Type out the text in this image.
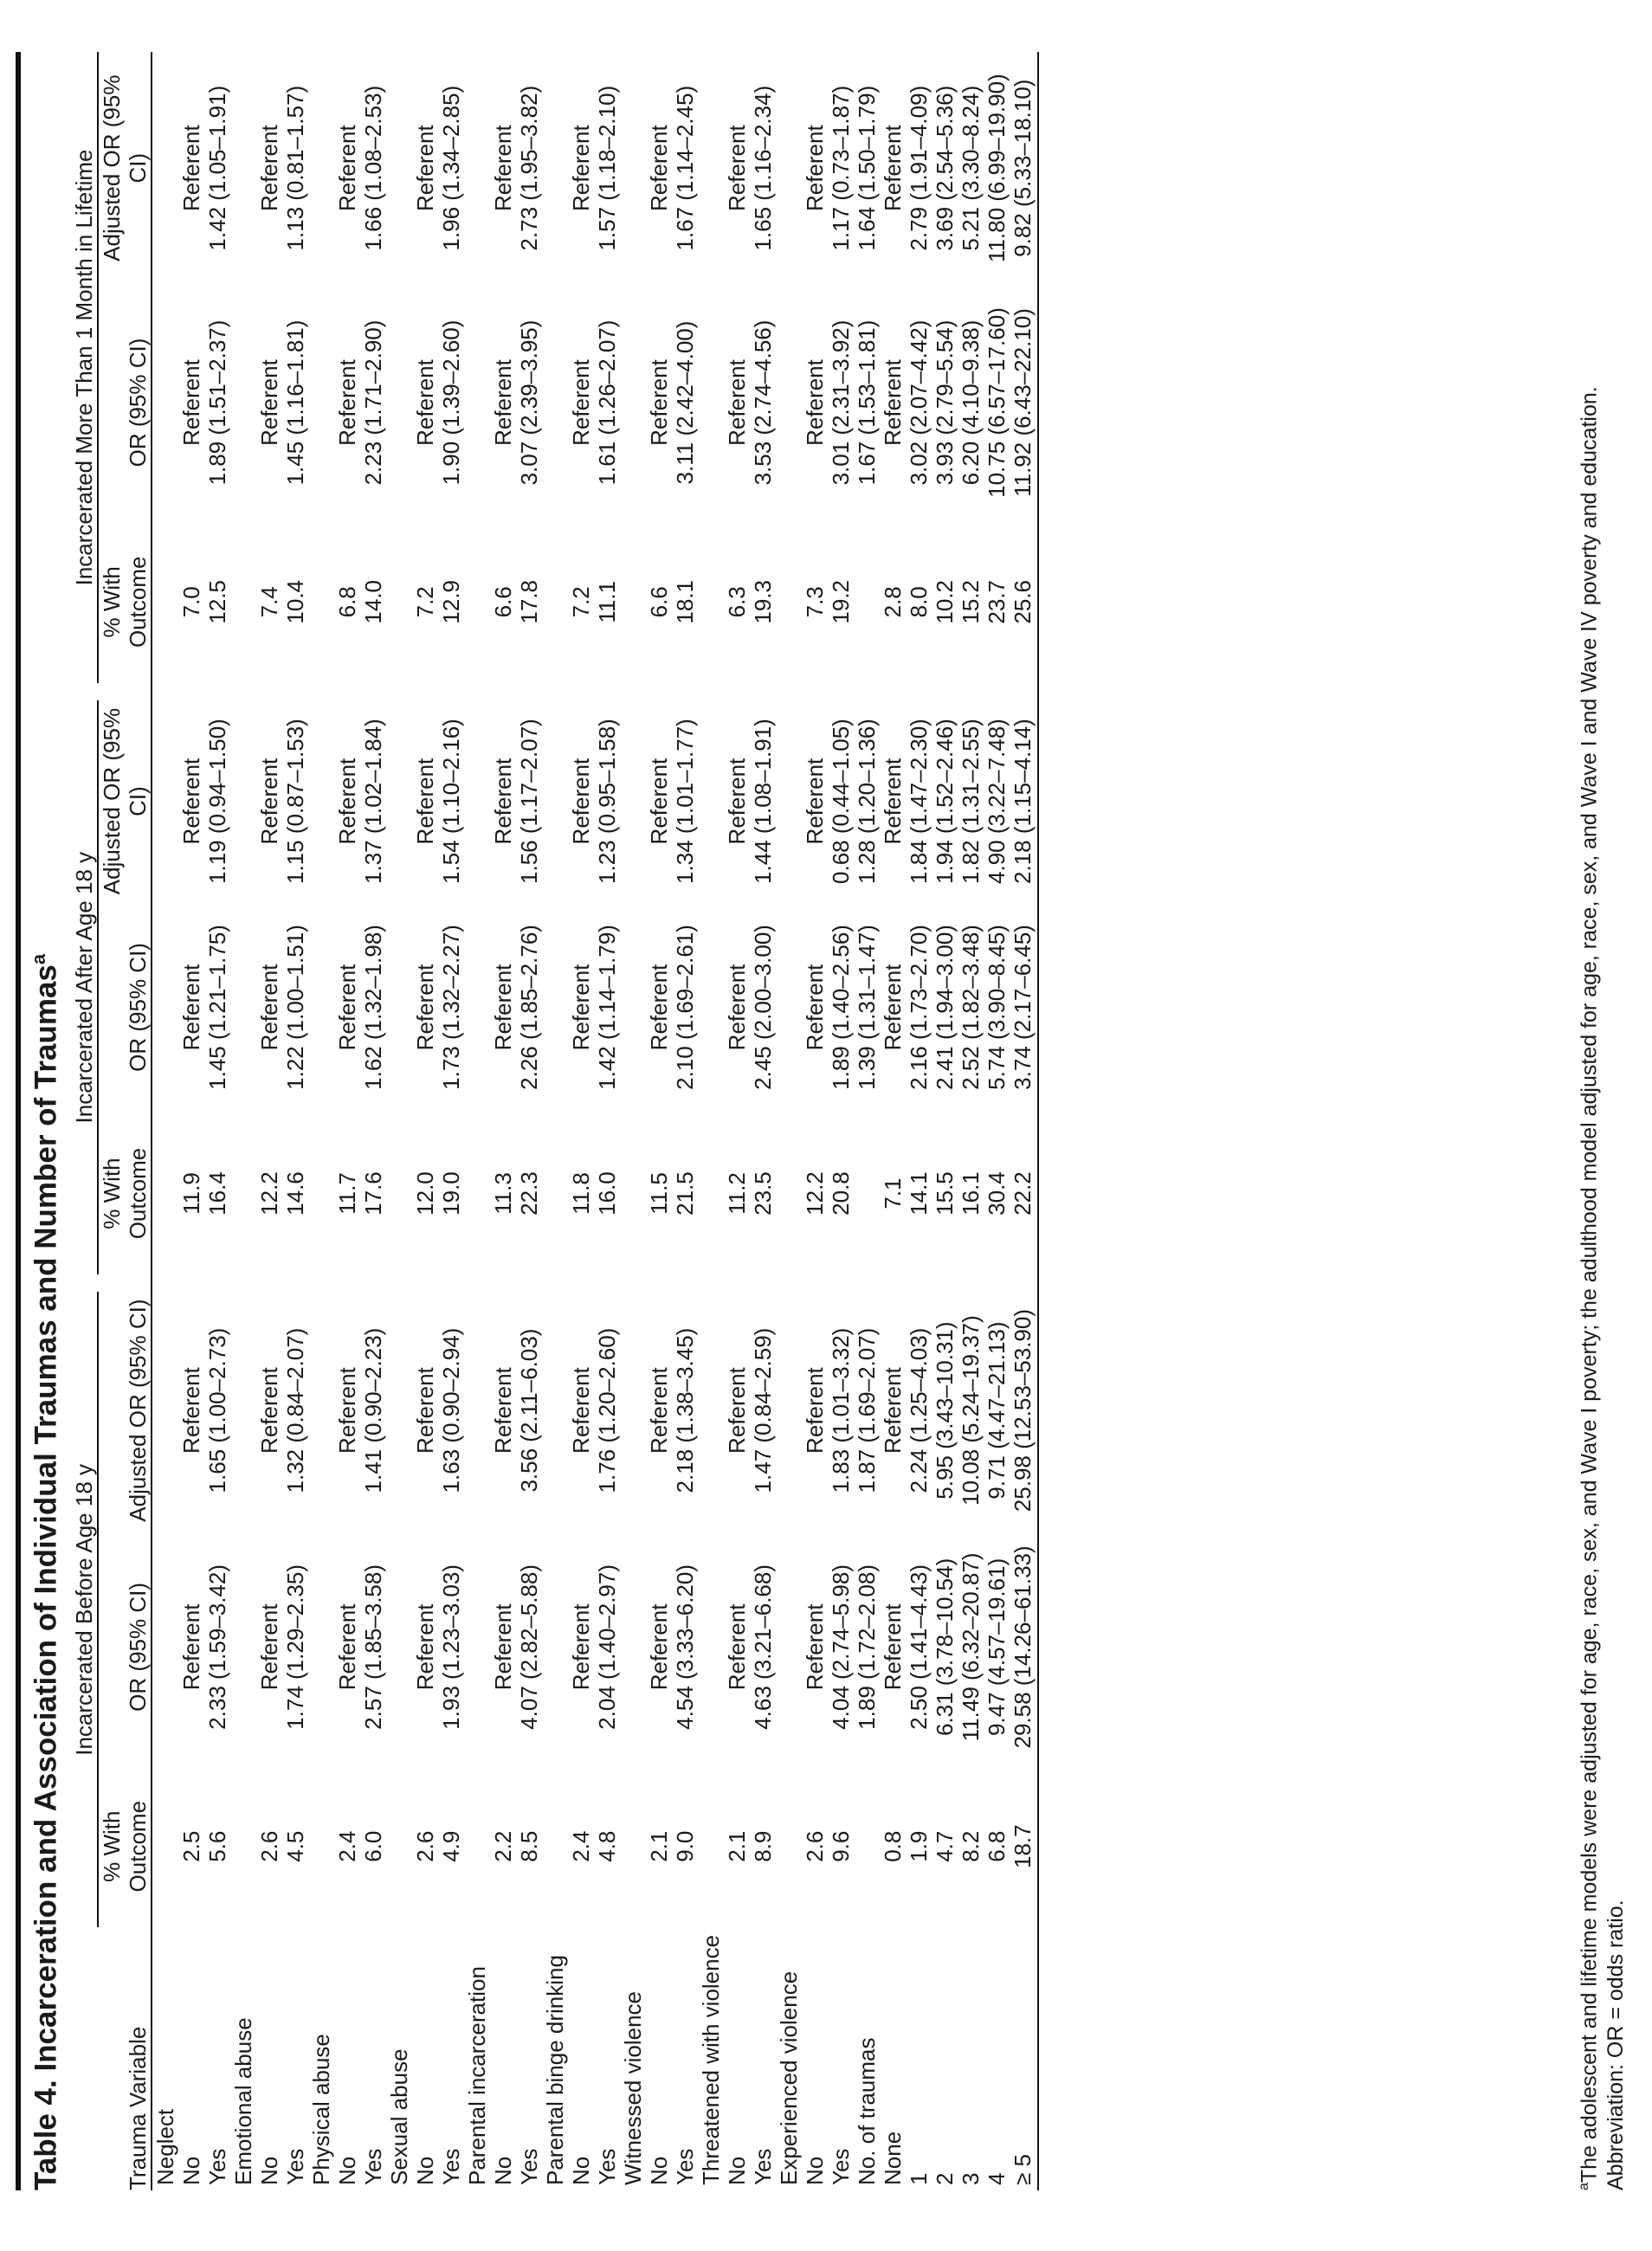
Table 4. Incarceration and Association of Individual Traumas and Number of Traumas$^a$
	Incarcerated Before Age 18 y				Incarcerated After Age 18 y				Incarcerated More Than 1 Month in Lifetime		
Trauma Variable	% With Outcome	OR (95% CI)	Adjusted OR (95% CI)		% With Outcome	OR (95% CI)	Adjusted OR (95% CI)		% With Outcome	OR (95% CI)	Adjusted OR (95% CI)
Neglect											
No	2.5	Referent	Referent		11.9	Referent	Referent		7.0	Referent	Referent
Yes	5.6	2.33 (1.59–3.42)	1.65 (1.00–2.73)		16.4	1.45 (1.21–1.75)	1.19 (0.94–1.50)		12.5	1.89 (1.51–2.37)	1.42 (1.05–1.91)
Emotional abuse											
No	2.6	Referent	Referent		12.2	Referent	Referent		7.4	Referent	Referent
Yes	4.5	1.74 (1.29–2.35)	1.32 (0.84–2.07)		14.6	1.22 (1.00–1.51)	1.15 (0.87–1.53)		10.4	1.45 (1.16–1.81)	1.13 (0.81–1.57)
Physical abuse											
No	2.4	Referent	Referent		11.7	Referent	Referent		6.8	Referent	Referent
Yes	6.0	2.57 (1.85–3.58)	1.41 (0.90–2.23)		17.6	1.62 (1.32–1.98)	1.37 (1.02–1.84)		14.0	2.23 (1.71–2.90)	1.66 (1.08–2.53)
Sexual abuse											
No	2.6	Referent	Referent		12.0	Referent	Referent		7.2	Referent	Referent
Yes	4.9	1.93 (1.23–3.03)	1.63 (0.90–2.94)		19.0	1.73 (1.32–2.27)	1.54 (1.10–2.16)		12.9	1.90 (1.39–2.60)	1.96 (1.34–2.85)
Parental incarceration											
No	2.2	Referent	Referent		11.3	Referent	Referent		6.6	Referent	Referent
Yes	8.5	4.07 (2.82–5.88)	3.56 (2.11–6.03)		22.3	2.26 (1.85–2.76)	1.56 (1.17–2.07)		17.8	3.07 (2.39–3.95)	2.73 (1.95–3.82)
Parental binge drinking											
No	2.4	Referent	Referent		11.8	Referent	Referent		7.2	Referent	Referent
Yes	4.8	2.04 (1.40–2.97)	1.76 (1.20–2.60)		16.0	1.42 (1.14–1.79)	1.23 (0.95–1.58)		11.1	1.61 (1.26–2.07)	1.57 (1.18–2.10)
Witnessed violence											
No	2.1	Referent	Referent		11.5	Referent	Referent		6.6	Referent	Referent
Yes	9.0	4.54 (3.33–6.20)	2.18 (1.38–3.45)		21.5	2.10 (1.69–2.61)	1.34 (1.01–1.77)		18.1	3.11 (2.42–4.00)	1.67 (1.14–2.45)
Threatened with violence											
No	2.1	Referent	Referent		11.2	Referent	Referent		6.3	Referent	Referent
Yes	8.9	4.63 (3.21–6.68)	1.47 (0.84–2.59)		23.5	2.45 (2.00–3.00)	1.44 (1.08–1.91)		19.3	3.53 (2.74–4.56)	1.65 (1.16–2.34)
Experienced violence											
No	2.6	Referent	Referent		12.2	Referent	Referent		7.3	Referent	Referent
Yes	9.6	4.04 (2.74–5.98)	1.83 (1.01–3.32)		20.8	1.89 (1.40–2.56)	0.68 (0.44–1.05)		19.2	3.01 (2.31–3.92)	1.17 (0.73–1.87)
No. of traumas		1.89 (1.72–2.08)	1.87 (1.69–2.07)			1.39 (1.31–1.47)	1.28 (1.20–1.36)			1.67 (1.53–1.81)	1.64 (1.50–1.79)
None	0.8	Referent	Referent		7.1	Referent	Referent		2.8	Referent	Referent
1	1.9	2.50 (1.41–4.43)	2.24 (1.25–4.03)		14.1	2.16 (1.73–2.70)	1.84 (1.47–2.30)		8.0	3.02 (2.07–4.42)	2.79 (1.91–4.09)
2	4.7	6.31 (3.78–10.54)	5.95 (3.43–10.31)		15.5	2.41 (1.94–3.00)	1.94 (1.52–2.46)		10.2	3.93 (2.79–5.54)	3.69 (2.54–5.36)
3	8.2	11.49 (6.32–20.87)	10.08 (5.24–19.37)		16.1	2.52 (1.82–3.48)	1.82 (1.31–2.55)		15.2	6.20 (4.10–9.38)	5.21 (3.30–8.24)
4	6.8	9.47 (4.57–19.61)	9.71 (4.47–21.13)		30.4	5.74 (3.90–8.45)	4.90 (3.22–7.48)		23.7	10.75 (6.57–17.60)	11.80 (6.99–19.90)
≥ 5	18.7	29.58 (14.26–61.33)	25.98 (12.53–53.90)		22.2	3.74 (2.17–6.45)	2.18 (1.15–4.14)		25.6	11.92 (6.43–22.10)	9.82 (5.33–18.10)
$^a$The adolescent and lifetime models were adjusted for age, race, sex, and Wave I poverty; the adulthood model adjusted for age, race, sex, and Wave I and Wave IV poverty and education. Abbreviation: OR = odds ratio.
